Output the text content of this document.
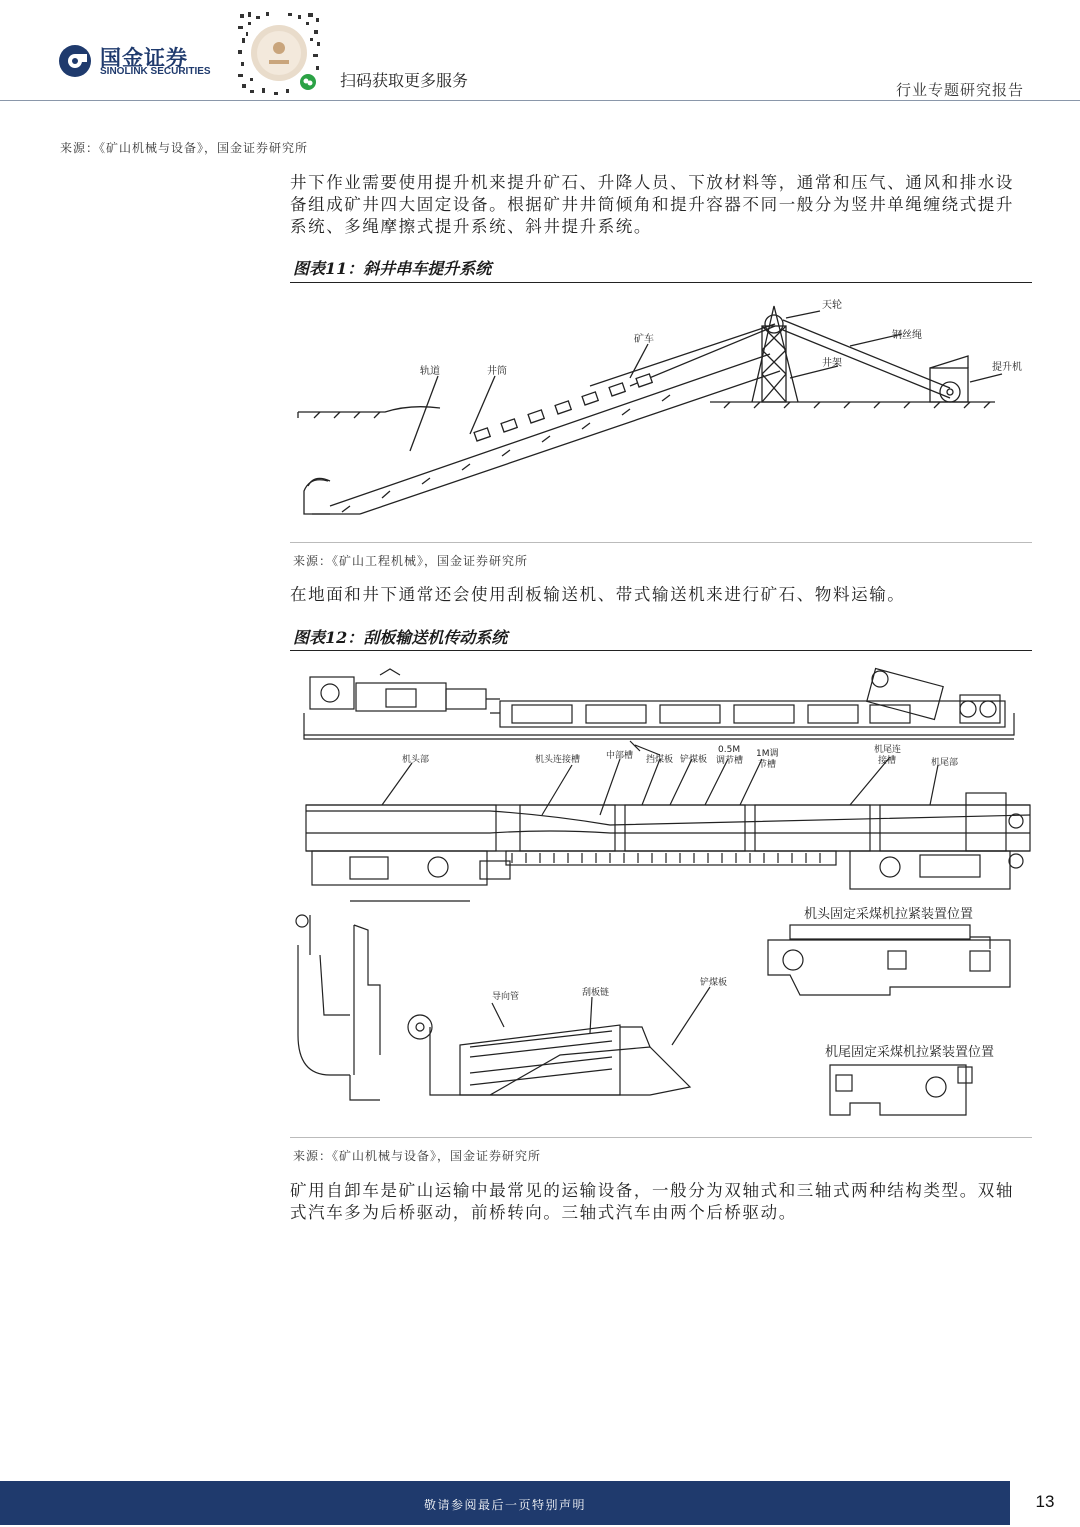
国金证券
SINOLINK SECURITIES	扫码获取更多服务	行业专题研究报告
来源：《矿山机械与设备》，国金证券研究所
井下作业需要使用提升机来提升矿石、升降人员、下放材料等，通常和压气、通风和排水设备组成矿井四大固定设备。根据矿井井筒倾角和提升容器不同一般分为竖井单绳缠绕式提升系统、多绳摩擦式提升系统、斜井提升系统。
图表11：斜井串车提升系统
天轮
钢丝绳
矿车
井架
轨道	井筒	提升机
来源：《矿山工程机械》，国金证券研究所
在地面和井下通常还会使用刮板输送机、带式输送机来进行矿石、物料运输。
图表12：刮板输送机传动系统
机头部	机头连接槽	中部槽 挡煤板 铲煤板
0.5M
调节槽
1M调
节槽
机尾连
接槽	机尾部
导向管	刮板链
铲煤板
机头固定采煤机拉紧装置位置
机尾固定采煤机拉紧装置位置
来源：《矿山机械与设备》，国金证券研究所
矿用自卸车是矿山运输中最常见的运输设备，一般分为双轴式和三轴式两种结构类型。双轴式汽车多为后桥驱动，前桥转向。三轴式汽车由两个后桥驱动。
敬请参阅最后一页特别声明	13
